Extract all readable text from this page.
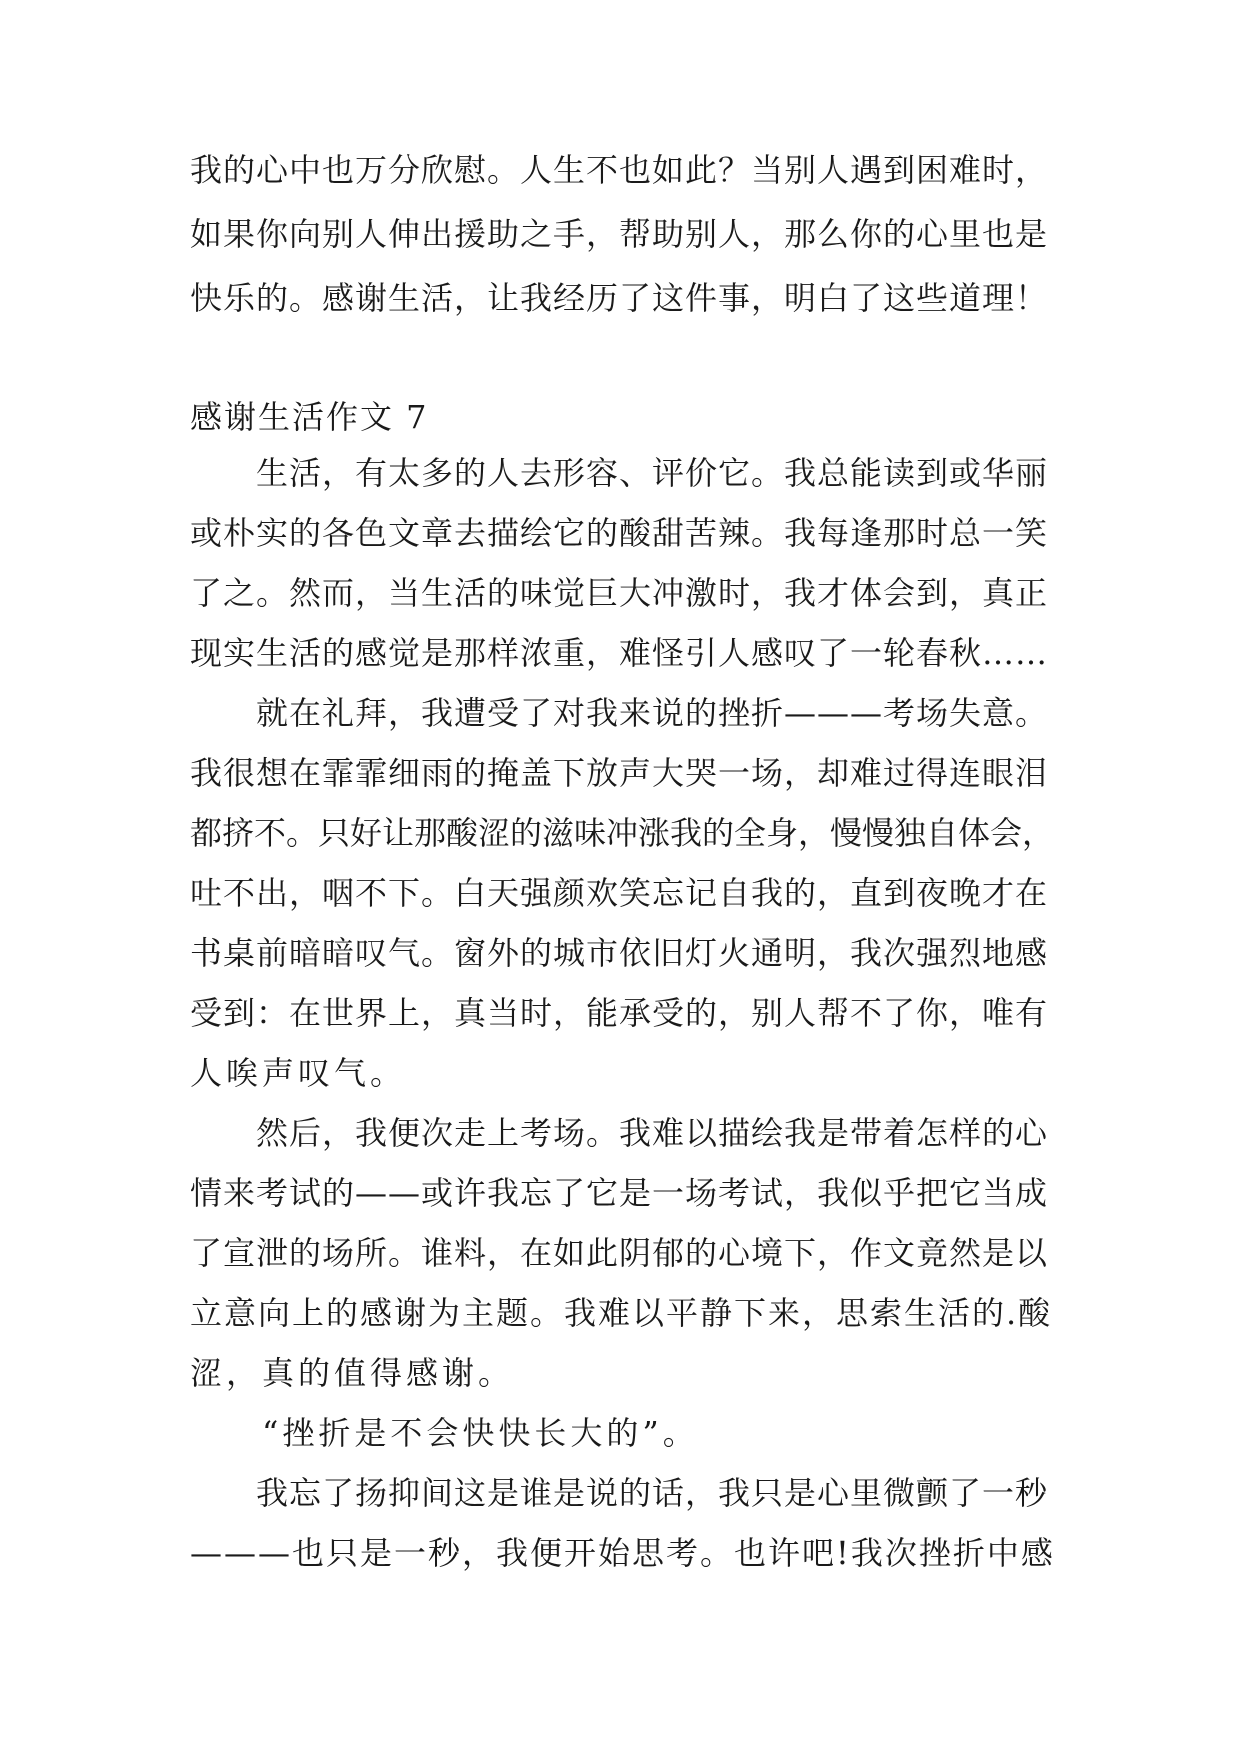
我的心中也万分欣慰。人生不也如此？当别人遇到困难时，
如果你向别人伸出援助之手，帮助别人，那么你的心里也是
快乐的。感谢生活，让我经历了这件事，明白了这些道理！
感谢生活作文 7
　　生活，有太多的人去形容、评价它。我总能读到或华丽
或朴实的各色文章去描绘它的酸甜苦辣。我每逢那时总一笑
了之。然而，当生活的味觉巨大冲激时，我才体会到，真正
现实生活的感觉是那样浓重，难怪引人感叹了一轮春秋……
　　就在礼拜，我遭受了对我来说的挫折———考场失意。
我很想在霏霏细雨的掩盖下放声大哭一场，却难过得连眼泪
都挤不。只好让那酸涩的滋味冲涨我的全身，慢慢独自体会，
吐不出，咽不下。白天强颜欢笑忘记自我的，直到夜晚才在
书桌前暗暗叹气。窗外的城市依旧灯火通明，我次强烈地感
受到：在世界上，真当时，能承受的，别人帮不了你，唯有
人唉声叹气。
　　然后，我便次走上考场。我难以描绘我是带着怎样的心
情来考试的——或许我忘了它是一场考试，我似乎把它当成
了宣泄的场所。谁料，在如此阴郁的心境下，作文竟然是以
立意向上的感谢为主题。我难以平静下来，思索生活的.酸
涩，真的值得感谢。
　　“挫折是不会快快长大的”。
　　我忘了扬抑间这是谁是说的话，我只是心里微颤了一秒
———也只是一秒，我便开始思考。也许吧!我次挫折中感
